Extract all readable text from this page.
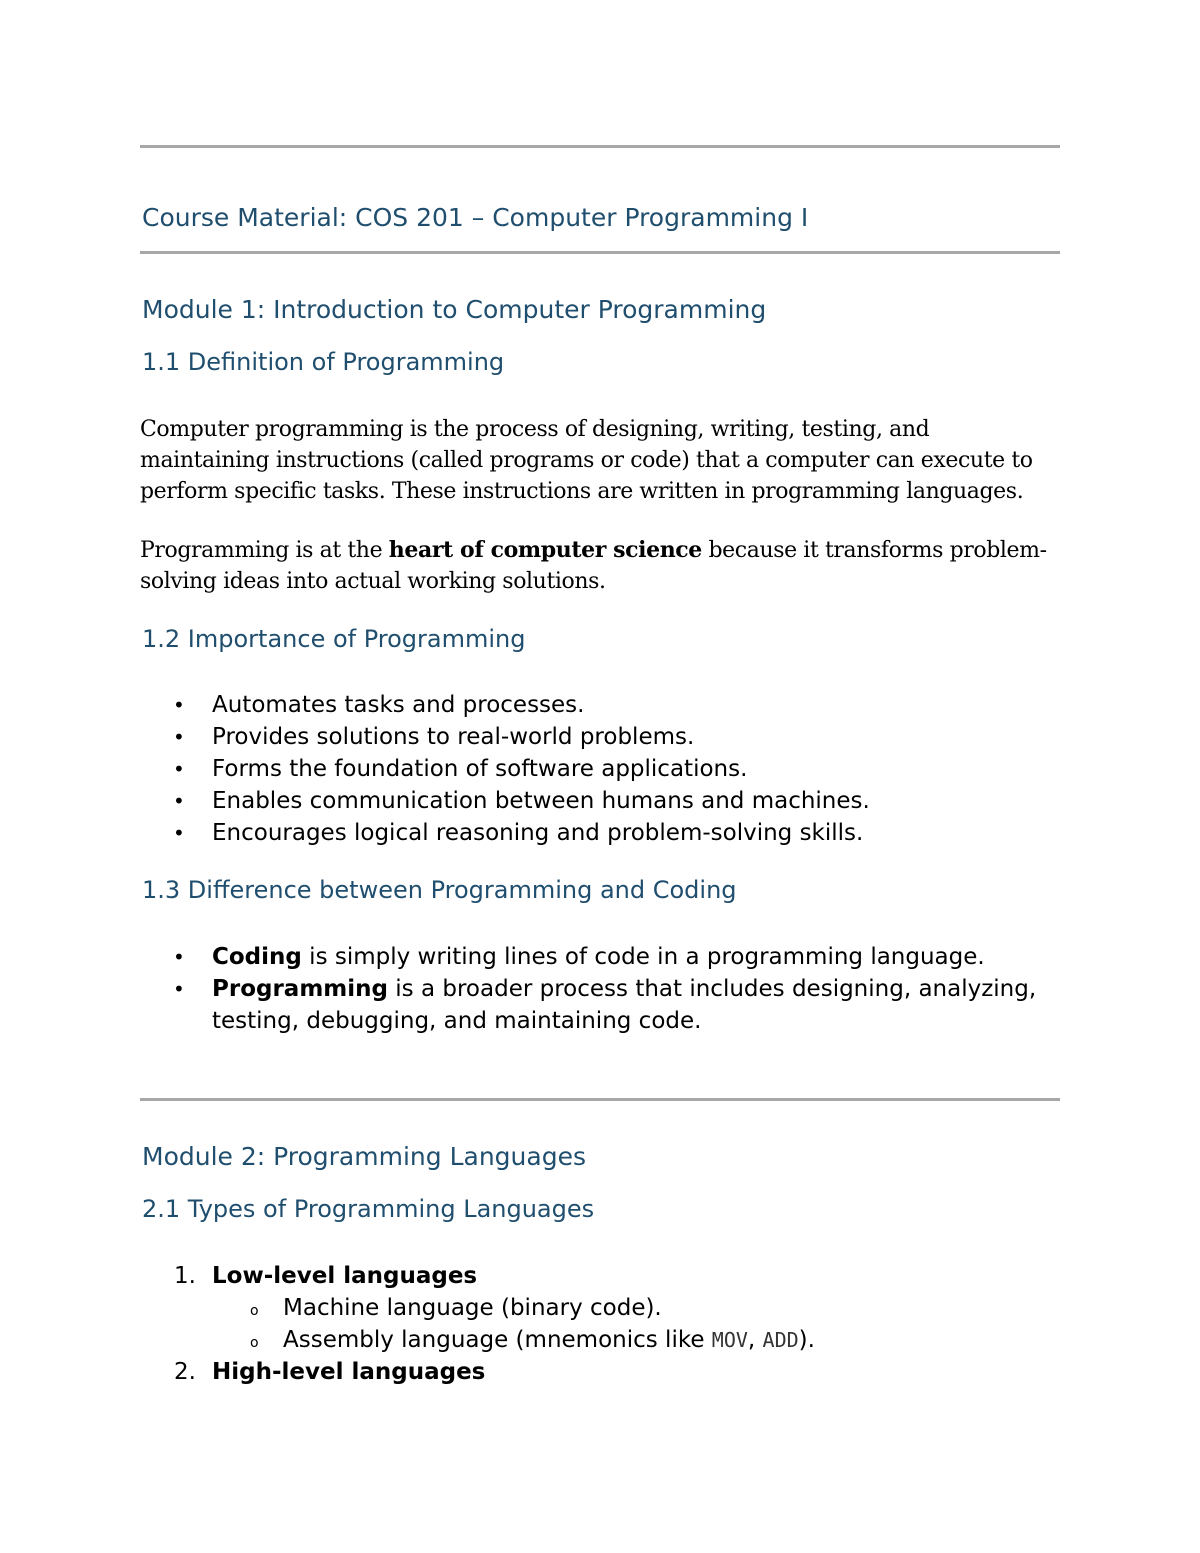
Course Material: COS 201 – Computer Programming I
Module 1: Introduction to Computer Programming
1.1 Definition of Programming

Computer programming is the process of designing, writing, testing, and maintaining instructions (called programs or code) that a computer can execute to perform specific tasks. These instructions are written in programming languages.

Programming is at the heart of computer science because it transforms problem-solving ideas into actual working solutions.

1.2 Importance of Programming
• Automates tasks and processes.
• Provides solutions to real-world problems.
• Forms the foundation of software applications.
• Enables communication between humans and machines.
• Encourages logical reasoning and problem-solving skills.
1.3 Difference between Programming and Coding
• Coding is simply writing lines of code in a programming language.
• Programming is a broader process that includes designing, analyzing, testing, debugging, and maintaining code.
Module 2: Programming Languages
2.1 Types of Programming Languages
1. Low-level languages
o Machine language (binary code).
o Assembly language (mnemonics like MOV, ADD).
2. High-level languages
